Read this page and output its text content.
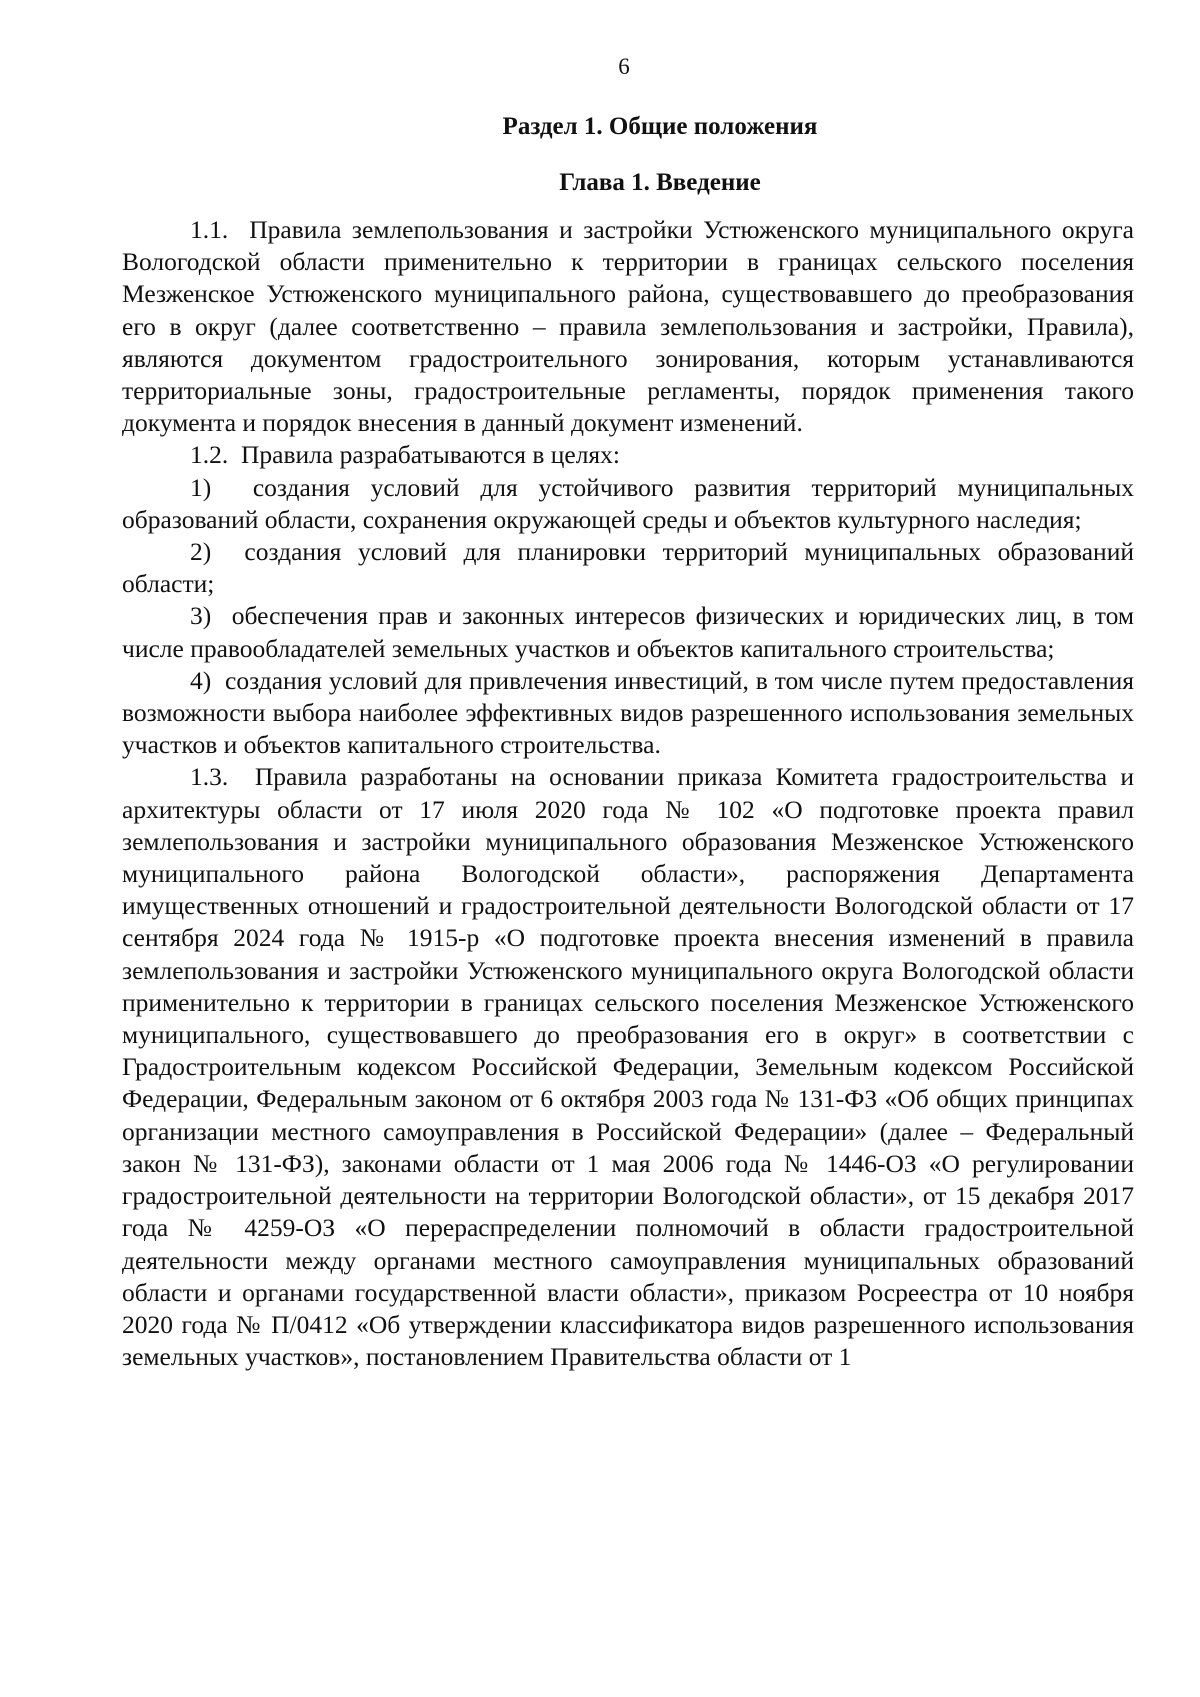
6
Раздел 1. Общие положения
Глава 1. Введение

1.1.  Правила землепользования и застройки Устюженского муниципального округа Вологодской области применительно к территории в границах сельского поселения Мезженское Устюженского муниципального района, существовавшего до преобразования его в округ (далее соответственно – правила землепользования и застройки, Правила), являются документом градостроительного зонирования, которым устанавливаются территориальные зоны, градостроительные регламенты, порядок применения такого документа и порядок внесения в данный документ изменений.

1.2.  Правила разрабатываются в целях:

1)  создания условий для устойчивого развития территорий муниципальных образований области, сохранения окружающей среды и объектов культурного наследия;

2)  создания условий для планировки территорий муниципальных образований области;

3)  обеспечения прав и законных интересов физических и юридических лиц, в том числе правообладателей земельных участков и объектов капитального строительства;

4)  создания условий для привлечения инвестиций, в том числе путем предоставления возможности выбора наиболее эффективных видов разрешенного использования земельных участков и объектов капитального строительства.

1.3.  Правила разработаны на основании приказа Комитета градостроительства и архитектуры области от 17 июля 2020 года № 102 «О подготовке проекта правил землепользования и застройки муниципального образования Мезженское Устюженского муниципального района Вологодской области», распоряжения Департамента имущественных отношений и градостроительной деятельности Вологодской области от 17 сентября 2024 года № 1915-р «О подготовке проекта внесения изменений в правила землепользования и застройки Устюженского муниципального округа Вологодской области применительно к территории в границах сельского поселения Мезженское Устюженского муниципального, существовавшего до преобразования его в округ» в соответствии с Градостроительным кодексом Российской Федерации, Земельным кодексом Российской Федерации, Федеральным законом от 6 октября 2003 года № 131-ФЗ «Об общих принципах организации местного самоуправления в Российской Федерации» (далее – Федеральный закон № 131-ФЗ), законами области от 1 мая 2006 года № 1446-ОЗ «О регулировании градостроительной деятельности на территории Вологодской области», от 15 декабря 2017 года № 4259-ОЗ «О перераспределении полномочий в области градостроительной деятельности между органами местного самоуправления муниципальных образований области и органами государственной власти области», приказом Росреестра от 10 ноября 2020 года № П/0412 «Об утверждении классификатора видов разрешенного использования земельных участков», постановлением Правительства области от 1
